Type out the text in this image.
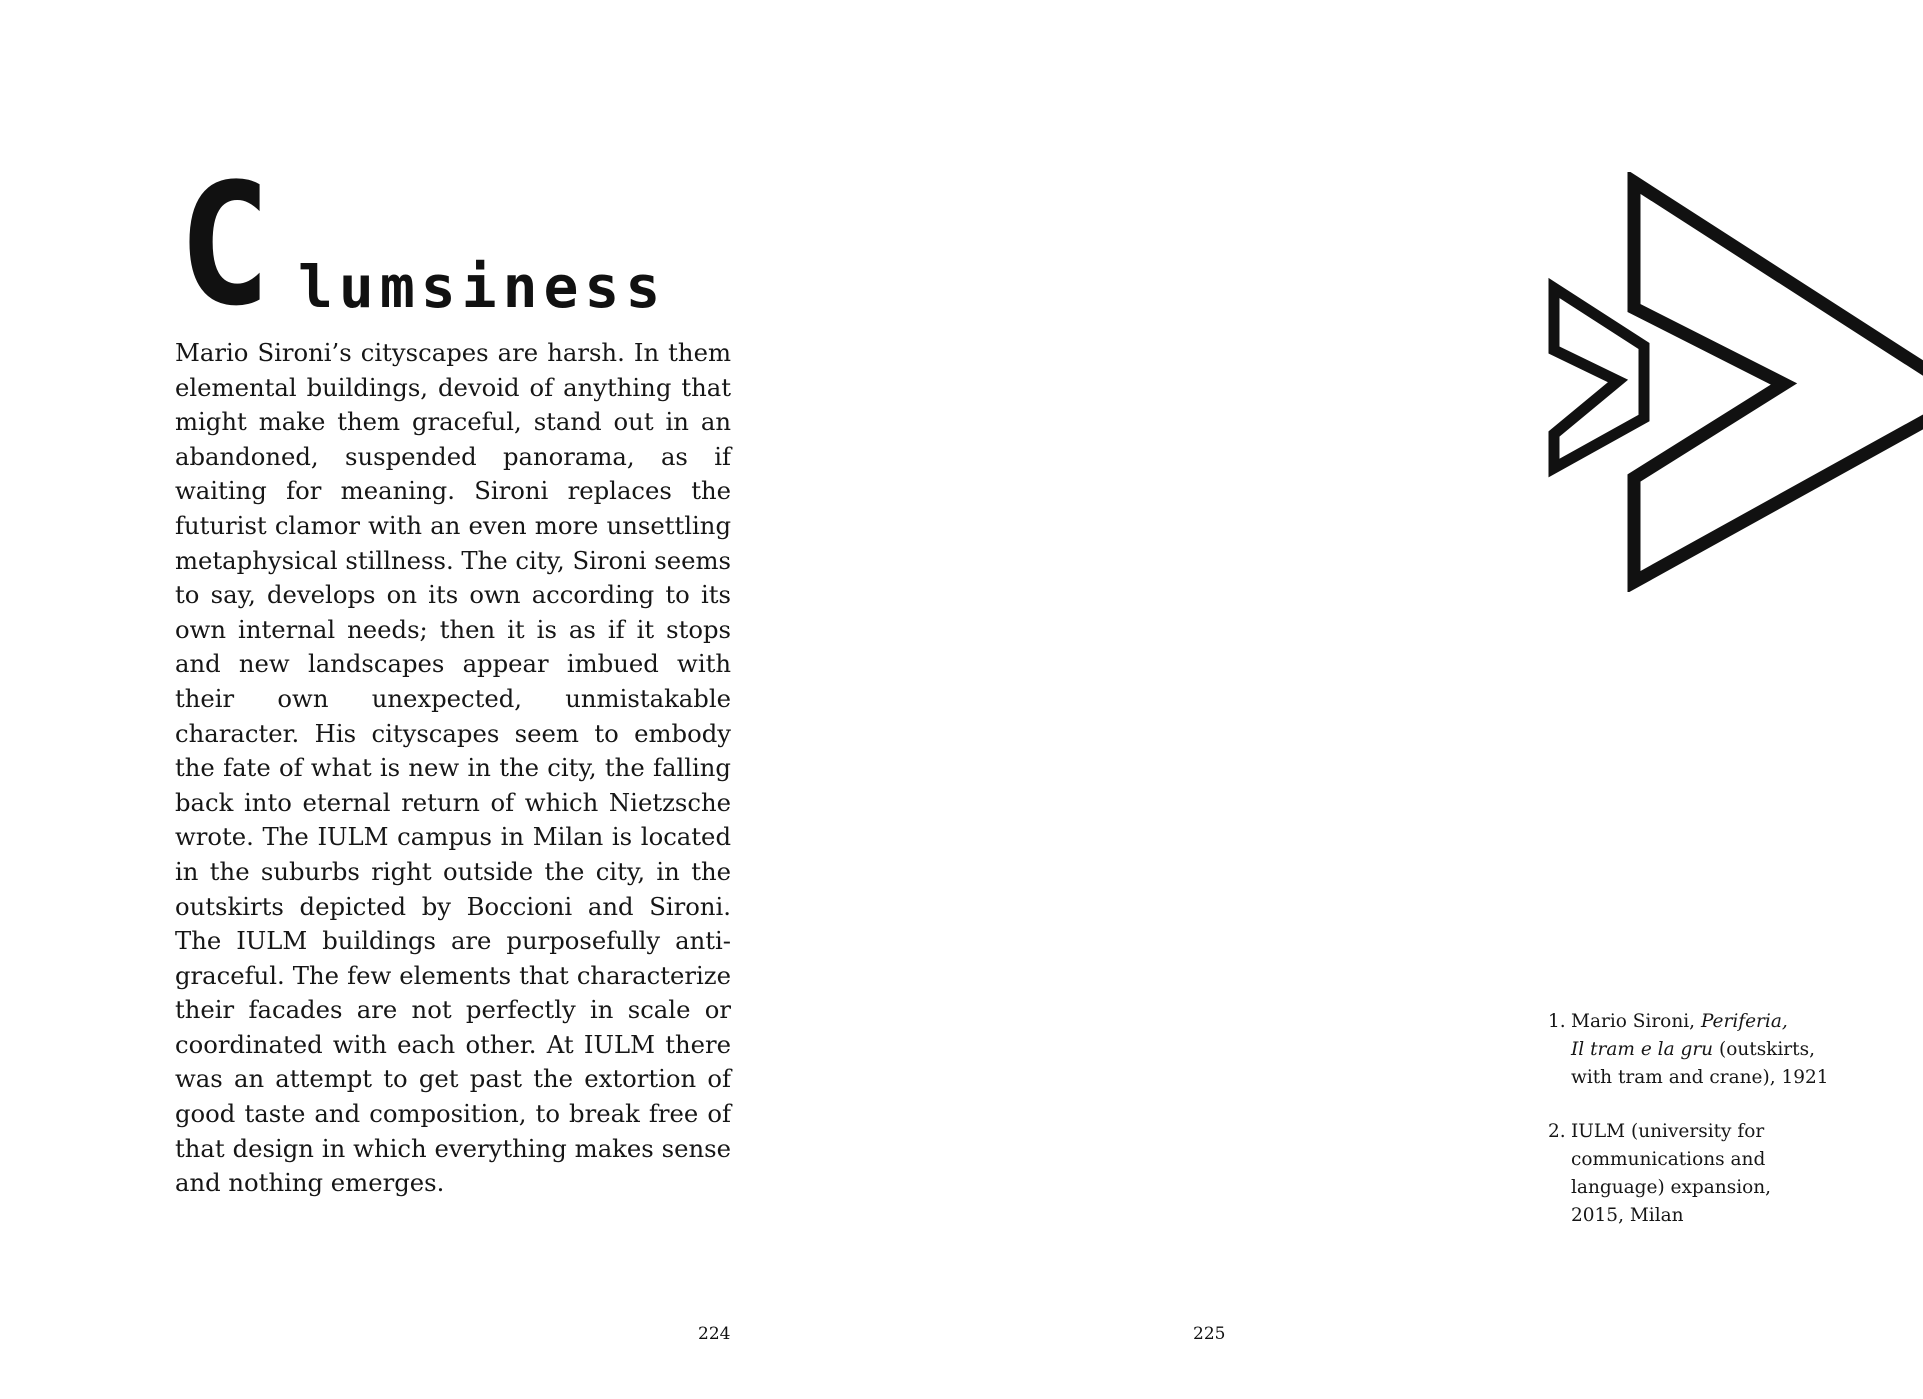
C lumsiness

Mario Sironi’s cityscapes are harsh. In them elemental buildings, devoid of anything that might make them graceful, stand out in an abandoned, suspended panorama, as if waiting for meaning. Sironi replaces the futurist clamor with an even more unsettling metaphysical stillness. The city, Sironi seems to say, develops on its own according to its own internal needs; then it is as if it stops and new landscapes appear imbued with their own unexpected, unmistakable character. His cityscapes seem to embody the fate of what is new in the city, the falling back into eternal return of which Nietzsche wrote. The IULM campus in Milan is located in the suburbs right outside the city, in the outskirts depicted by Boccioni and Sironi. The IULM buildings are purposefully anti-graceful. The few elements that characterize their facades are not perfectly in scale or coordinated with each other. At IULM there was an attempt to get past the extortion of good taste and composition, to break free of that design in which everything makes sense and nothing emerges.

224
1. Mario Sironi, Periferia,
Il tram e la gru (outskirts,
with tram and crane), 1921
2. IULM (university for
communications and
language) expansion,
2015, Milan
225
